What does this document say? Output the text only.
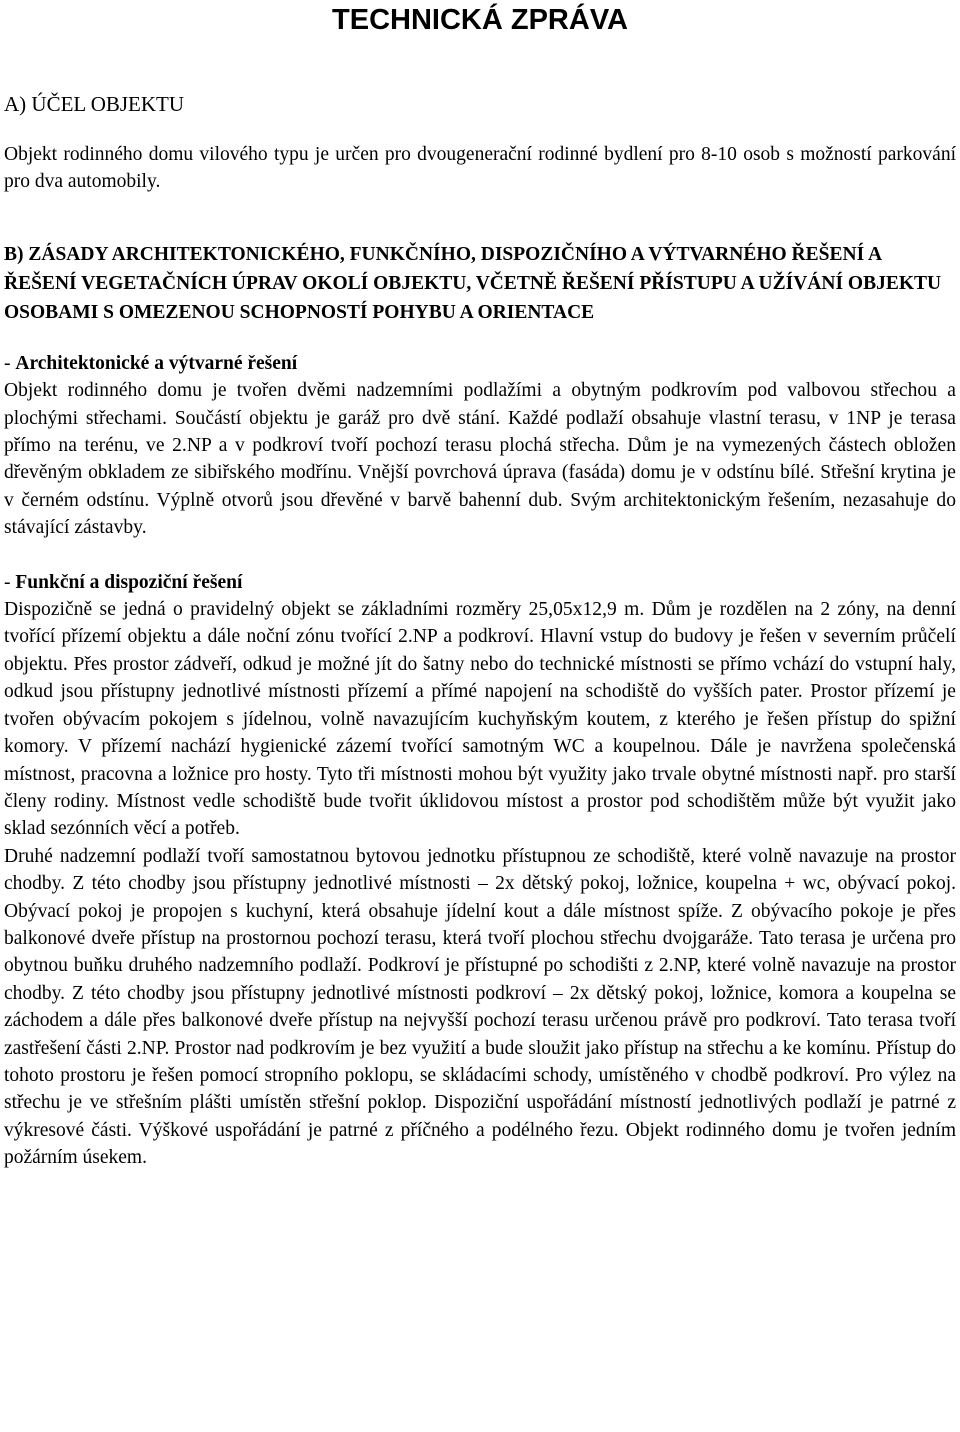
TECHNICKÁ ZPRÁVA
A) ÚČEL OBJEKTU

Objekt rodinného domu vilového typu je určen pro dvougenerační rodinné bydlení pro 8-10 osob s možností parkování pro dva automobily.

B) ZÁSADY ARCHITEKTONICKÉHO, FUNKČNÍHO, DISPOZIČNÍHO A VÝTVARNÉHO ŘEŠENÍ A ŘEŠENÍ VEGETAČNÍCH ÚPRAV OKOLÍ OBJEKTU, VČETNĚ ŘEŠENÍ PŘÍSTUPU A UŽÍVÁNÍ OBJEKTU OSOBAMI S OMEZENOU SCHOPNOSTÍ POHYBU A ORIENTACE
- Architektonické a výtvarné řešení

Objekt rodinného domu je tvořen dvěmi nadzemními podlažími a obytným podkrovím pod valbovou střechou a plochými střechami. Součástí objektu je garáž pro dvě stání. Každé podlaží obsahuje vlastní terasu, v 1NP je terasa přímo na terénu, ve 2.NP a v podkroví tvoří pochozí terasu plochá střecha. Dům je na vymezených částech obložen dřevěným obkladem ze sibiřského modřínu. Vnější povrchová úprava (fasáda) domu je v odstínu bílé. Střešní krytina je v černém odstínu. Výplně otvorů jsou dřevěné v barvě bahenní dub. Svým architektonickým řešením, nezasahuje do stávající zástavby.

- Funkční a dispoziční řešení

Dispozičně se jedná o pravidelný objekt se základními rozměry 25,05x12,9 m. Dům je rozdělen na 2 zóny, na denní tvořící přízemí objektu a dále noční zónu tvořící 2.NP a podkroví. Hlavní vstup do budovy je řešen v severním průčelí objektu. Přes prostor zádveří, odkud je možné jít do šatny nebo do technické místnosti se přímo vchází do vstupní haly, odkud jsou přístupny jednotlivé místnosti přízemí a přímé napojení na schodiště do vyšších pater. Prostor přízemí je tvořen obývacím pokojem s jídelnou, volně navazujícím kuchyňským koutem, z kterého je řešen přístup do spižní komory. V přízemí nachází hygienické zázemí tvořící samotným WC a koupelnou. Dále je navržena společenská místnost, pracovna a ložnice pro hosty. Tyto tři místnosti mohou být využity jako trvale obytné místnosti např. pro starší členy rodiny. Místnost vedle schodiště bude tvořit úklidovou místost a prostor pod schodištěm může být využit jako sklad sezónních věcí a potřeb.

Druhé nadzemní podlaží tvoří samostatnou bytovou jednotku přístupnou ze schodiště, které volně navazuje na prostor chodby. Z této chodby jsou přístupny jednotlivé místnosti – 2x dětský pokoj, ložnice, koupelna + wc, obývací pokoj. Obývací pokoj je propojen s kuchyní, která obsahuje jídelní kout a dále místnost spíže. Z obývacího pokoje je přes balkonové dveře přístup na prostornou pochozí terasu, která tvoří plochou střechu dvojgaráže. Tato terasa je určena pro obytnou buňku druhého nadzemního podlaží. Podkroví je přístupné po schodišti z 2.NP, které volně navazuje na prostor chodby. Z této chodby jsou přístupny jednotlivé místnosti podkroví – 2x dětský pokoj, ložnice, komora a koupelna se záchodem a dále přes balkonové dveře přístup na nejvyšší pochozí terasu určenou právě pro podkroví. Tato terasa tvoří zastřešení části 2.NP. Prostor nad podkrovím je bez využití a bude sloužit jako přístup na střechu a ke komínu. Přístup do tohoto prostoru je řešen pomocí stropního poklopu, se skládacími schody, umístěného v chodbě podkroví. Pro výlez na střechu je ve střešním plášti umístěn střešní poklop. Dispoziční uspořádání místností jednotlivých podlaží je patrné z výkresové části. Výškové uspořádání je patrné z příčného a podélného řezu. Objekt rodinného domu je tvořen jedním požárním úsekem.
